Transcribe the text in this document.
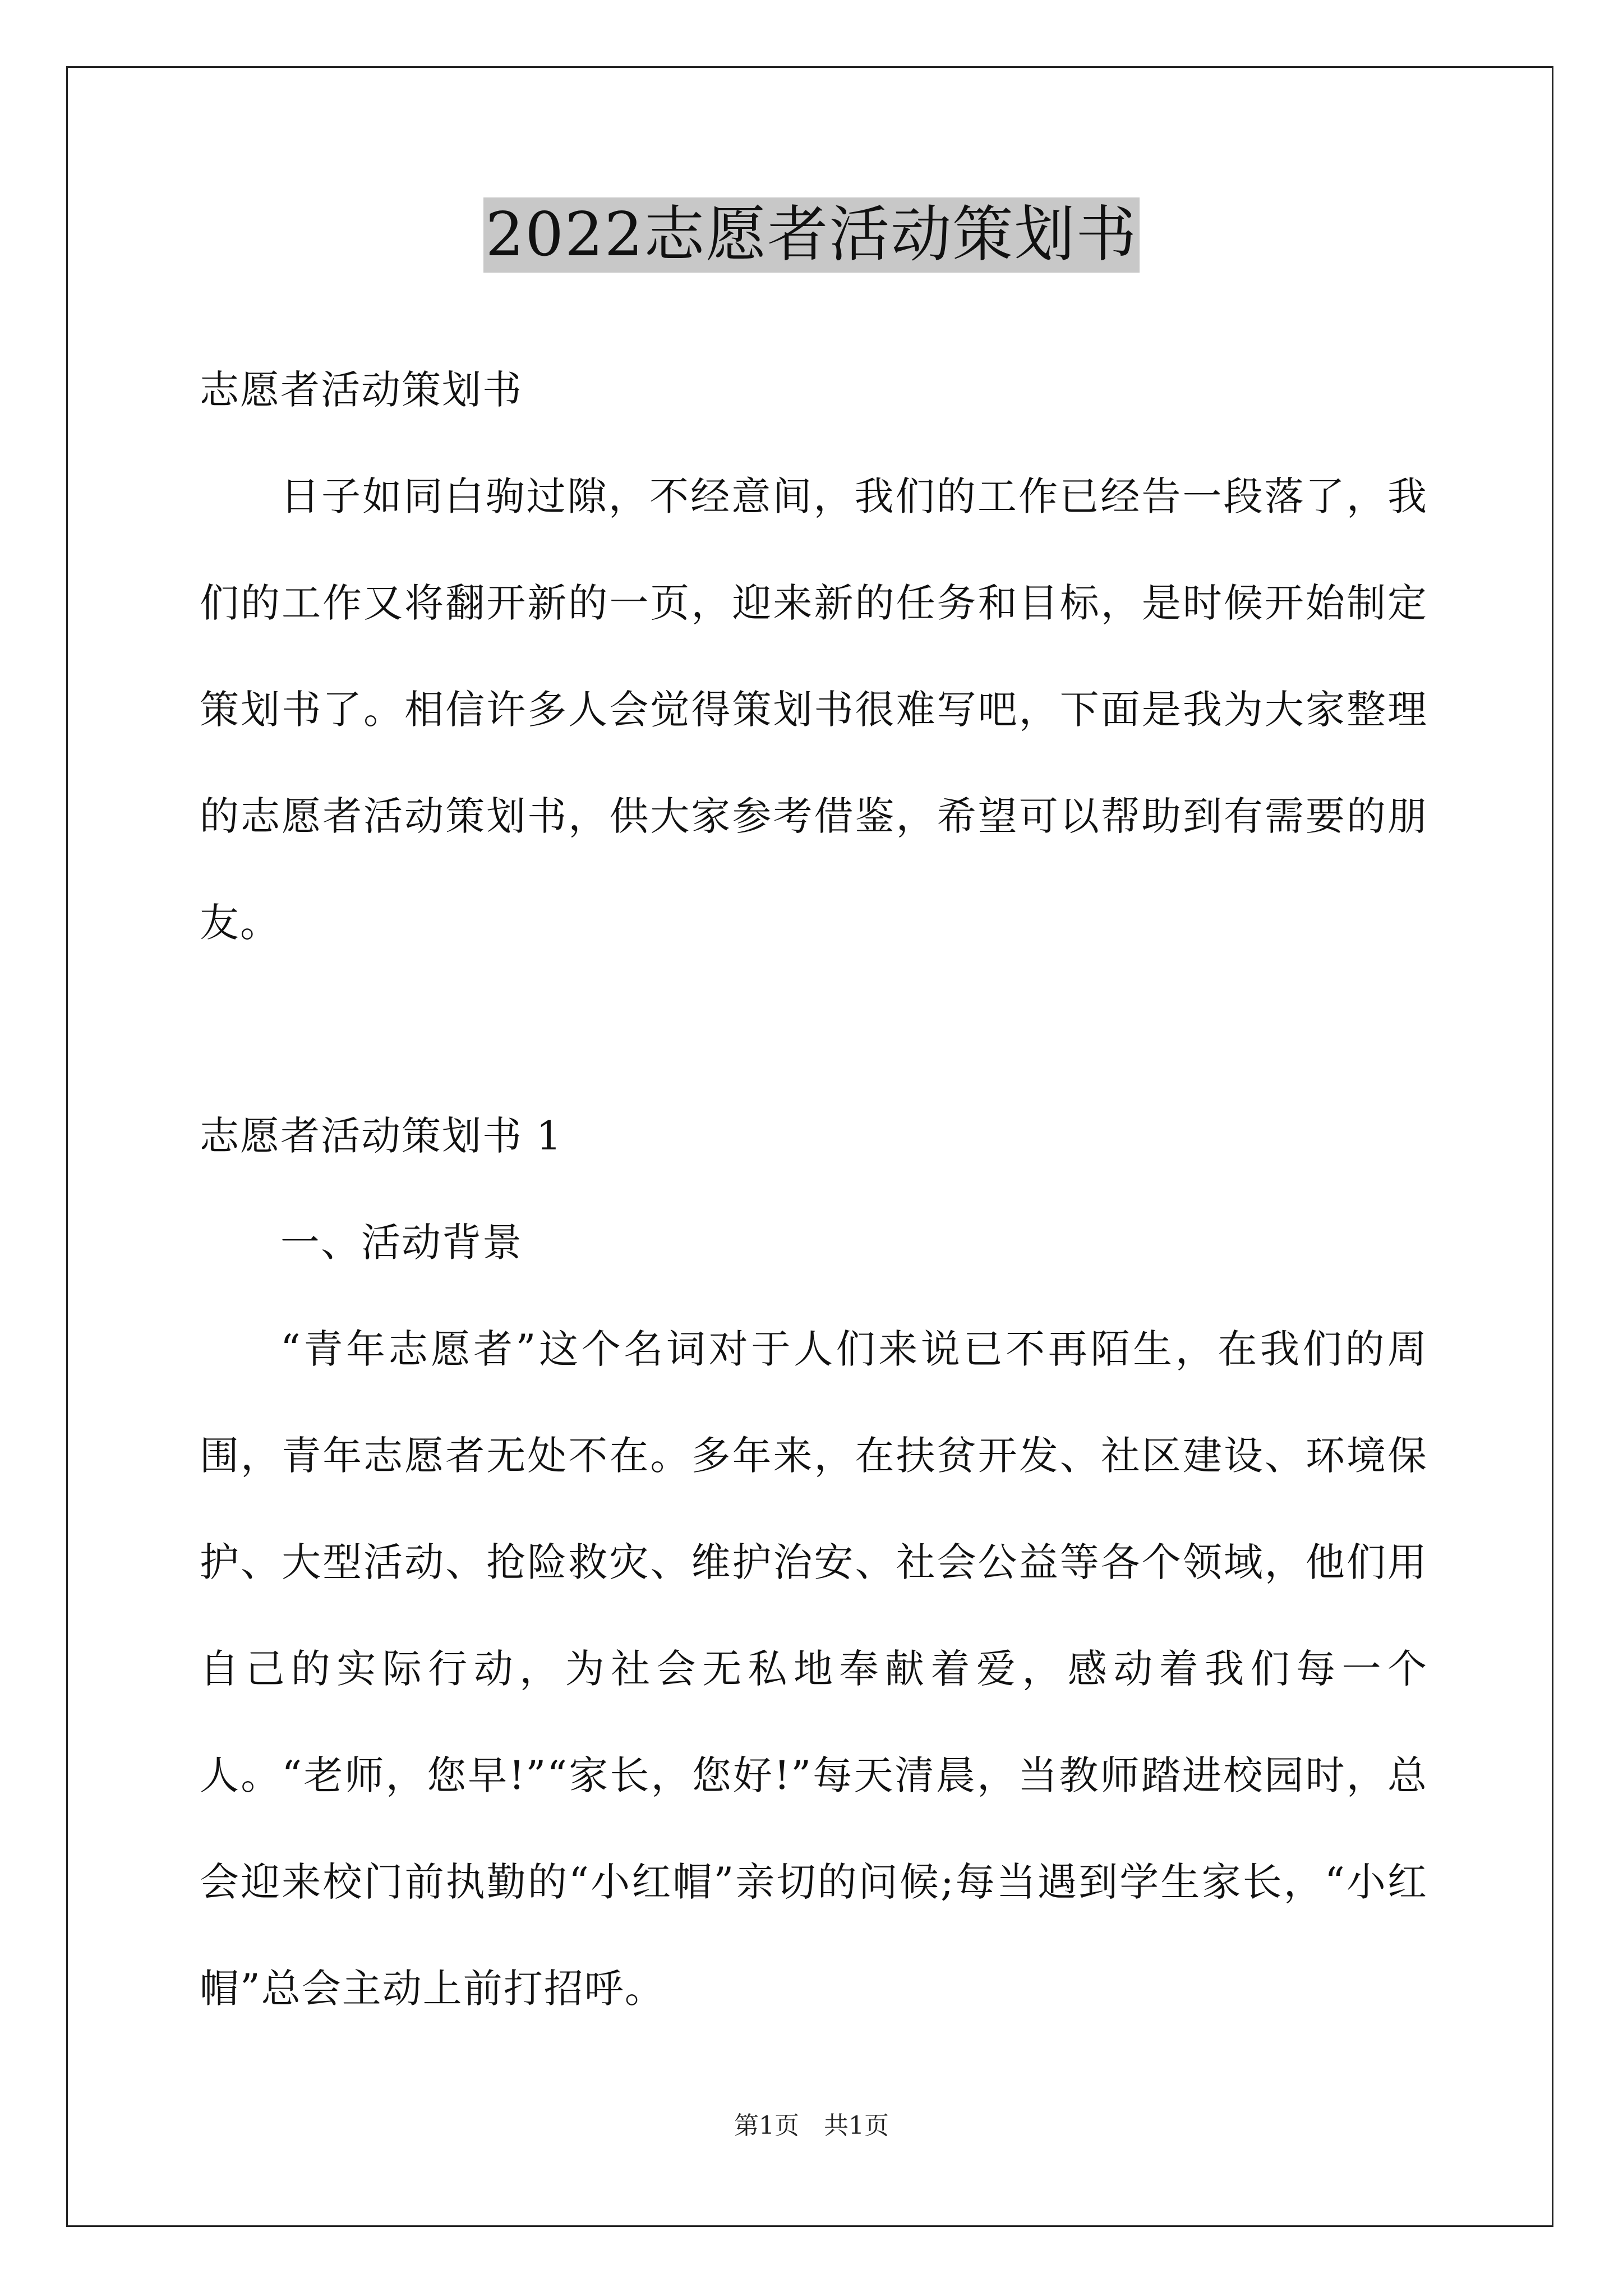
2022志愿者活动策划书

志愿者活动策划书

日子如同白驹过隙，不经意间，我们的工作已经告一段落了，我们的工作又将翻开新的一页，迎来新的任务和目标，是时候开始制定策划书了。相信许多人会觉得策划书很难写吧，下面是我为大家整理的志愿者活动策划书，供大家参考借鉴，希望可以帮助到有需要的朋友。

志愿者活动策划书 1

一、活动背景

“青年志愿者”这个名词对于人们来说已不再陌生，在我们的周围，青年志愿者无处不在。多年来，在扶贫开发、社区建设、环境保护、大型活动、抢险救灾、维护治安、社会公益等各个领域，他们用自己的实际行动，为社会无私地奉献着爱，感动着我们每一个人。“老师，您早!”“家长，您好!”每天清晨，当教师踏进校园时，总会迎来校门前执勤的“小红帽”亲切的问候;每当遇到学生家长，“小红帽”总会主动上前打招呼。

第1页 共1页
